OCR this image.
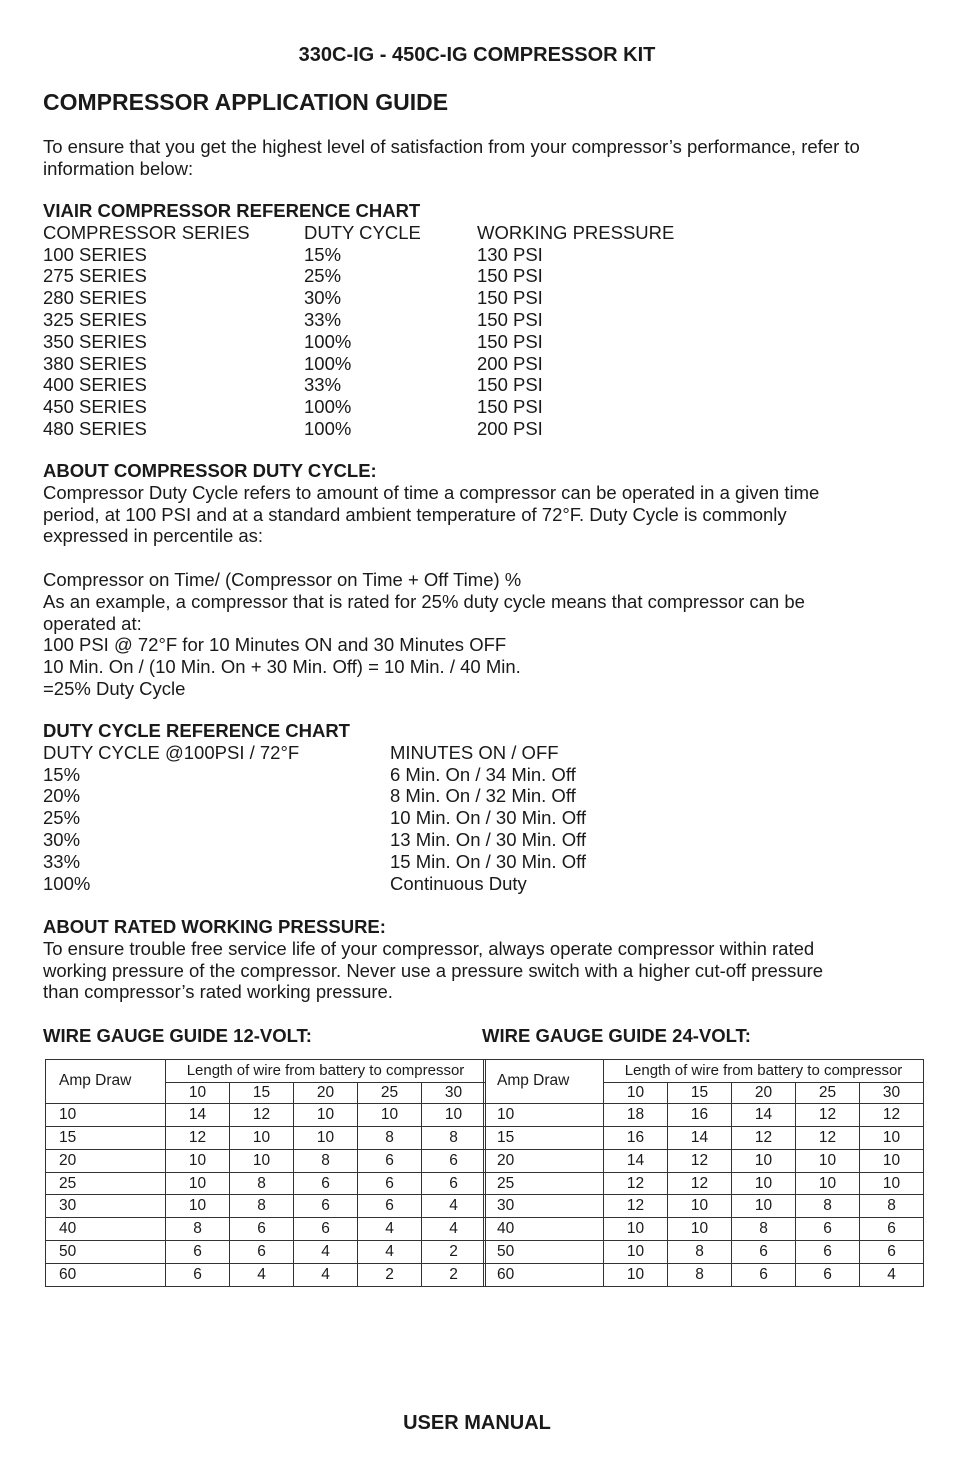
330C-IG - 450C-IG COMPRESSOR KIT
COMPRESSOR APPLICATION GUIDE
To ensure that you get the highest level of satisfaction from your compressor’s performance, refer to
information below:
VIAIR COMPRESSOR REFERENCE CHART
COMPRESSOR SERIES	DUTY CYCLE	WORKING PRESSURE
100 SERIES	15%	130 PSI
275 SERIES	25%	150 PSI
280 SERIES	30%	150 PSI
325 SERIES	33%	150 PSI
350 SERIES	100%	150 PSI
380 SERIES	100%	200 PSI
400 SERIES	33%	150 PSI
450 SERIES	100%	150 PSI
480 SERIES	100%	200 PSI
ABOUT COMPRESSOR DUTY CYCLE:
Compressor Duty Cycle refers to amount of time a compressor can be operated in a given time
period, at 100 PSI and at a standard ambient temperature of 72°F. Duty Cycle is commonly
expressed in percentile as:
Compressor on Time/ (Compressor on Time + Off Time) %
As an example, a compressor that is rated for 25% duty cycle means that compressor can be
operated at:
100 PSI @ 72°F for 10 Minutes ON and 30 Minutes OFF
10 Min. On / (10 Min. On + 30 Min. Off) = 10 Min. / 40 Min.
=25% Duty Cycle
DUTY CYCLE REFERENCE CHART
DUTY CYCLE @100PSI / 72°F	MINUTES ON / OFF
15%	6 Min. On / 34 Min. Off
20%	8 Min. On / 32 Min. Off
25%	10 Min. On / 30 Min. Off
30%	13 Min. On / 30 Min. Off
33%	15 Min. On / 30 Min. Off
100%	Continuous Duty
ABOUT RATED WORKING PRESSURE:
To ensure trouble free service life of your compressor, always operate compressor within rated
working pressure of the compressor. Never use a pressure switch with a higher cut-off pressure
than compressor’s rated working pressure.
WIRE GAUGE GUIDE 12-VOLT:	WIRE GAUGE GUIDE 24-VOLT:
Amp Draw	Length of wire from battery to compressor				
	10	15	20	25	30
10	14	12	10	10	10
15	12	10	10	8	8
20	10	10	8	6	6
25	10	8	6	6	6
30	10	8	6	6	4
40	8	6	6	4	4
50	6	6	4	4	2
60	6	4	4	2	2
Amp Draw	Length of wire from battery to compressor				
	10	15	20	25	30
10	18	16	14	12	12
15	16	14	12	12	10
20	14	12	10	10	10
25	12	12	10	10	10
30	12	10	10	8	8
40	10	10	8	6	6
50	10	8	6	6	6
60	10	8	6	6	4
USER MANUAL
